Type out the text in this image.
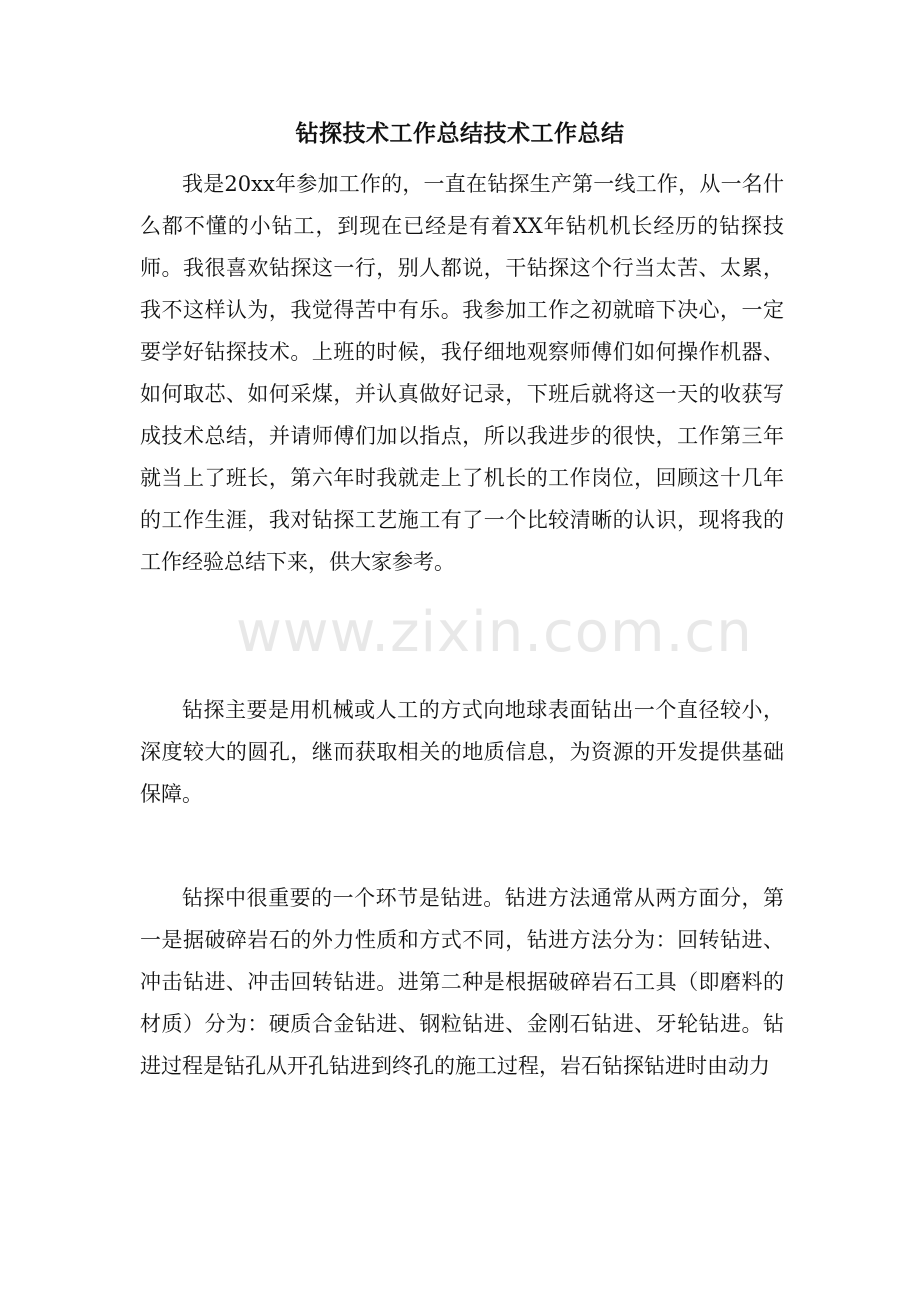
钻探技术工作总结技术工作总结

我是20xx年参加工作的，一直在钻探生产第一线工作，从一名什么都不懂的小钻工，到现在已经是有着XX年钻机机长经历的钻探技师。我很喜欢钻探这一行，别人都说，干钻探这个行当太苦、太累，我不这样认为，我觉得苦中有乐。我参加工作之初就暗下决心，一定要学好钻探技术。上班的时候，我仔细地观察师傅们如何操作机器、如何取芯、如何采煤，并认真做好记录，下班后就将这一天的收获写成技术总结，并请师傅们加以指点，所以我进步的很快，工作第三年就当上了班长，第六年时我就走上了机长的工作岗位，回顾这十几年的工作生涯，我对钻探工艺施工有了一个比较清晰的认识，现将我的工作经验总结下来，供大家参考。

钻探主要是用机械或人工的方式向地球表面钻出一个直径较小，深度较大的圆孔，继而获取相关的地质信息，为资源的开发提供基础保障。

钻探中很重要的一个环节是钻进。钻进方法通常从两方面分，第一是据破碎岩石的外力性质和方式不同，钻进方法分为：回转钻进、冲击钻进、冲击回转钻进。进第二种是根据破碎岩石工具（即磨料的材质）分为：硬质合金钻进、钢粒钻进、金刚石钻进、牙轮钻进。钻进过程是钻孔从开孔钻进到终孔的施工过程，岩石钻探钻进时由动力

www.zixin.com.cn
